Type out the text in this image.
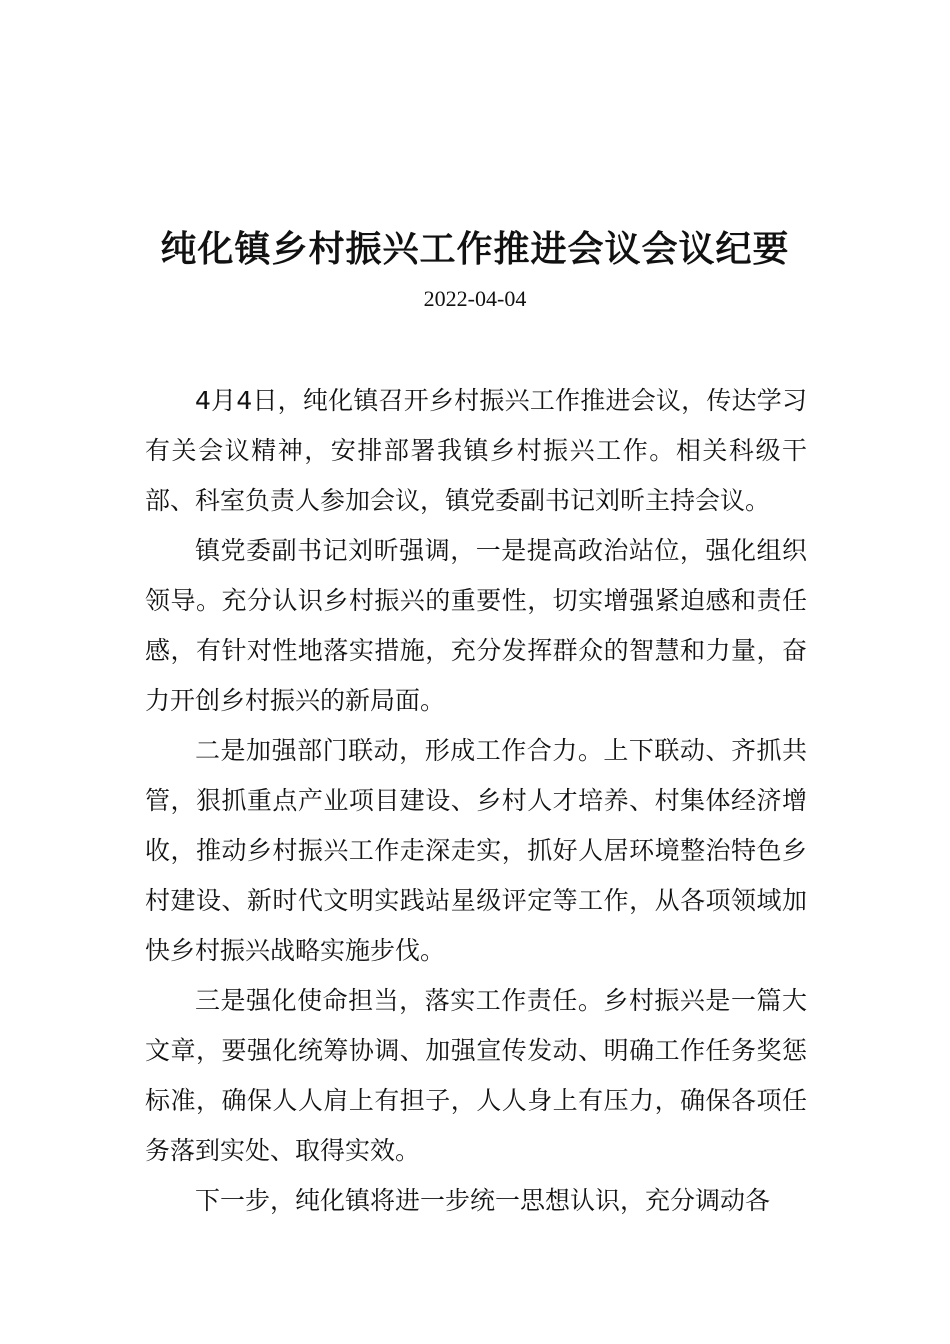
纯化镇乡村振兴工作推进会议会议纪要
2022-04-04

4月4日，纯化镇召开乡村振兴工作推进会议，传达学习有关会议精神，安排部署我镇乡村振兴工作。相关科级干部、科室负责人参加会议，镇党委副书记刘昕主持会议。

镇党委副书记刘昕强调，一是提高政治站位，强化组织领导。充分认识乡村振兴的重要性，切实增强紧迫感和责任感，有针对性地落实措施，充分发挥群众的智慧和力量，奋力开创乡村振兴的新局面。

二是加强部门联动，形成工作合力。上下联动、齐抓共管，狠抓重点产业项目建设、乡村人才培养、村集体经济增收，推动乡村振兴工作走深走实，抓好人居环境整治特色乡村建设、新时代文明实践站星级评定等工作，从各项领域加快乡村振兴战略实施步伐。

三是强化使命担当，落实工作责任。乡村振兴是一篇大文章，要强化统筹协调、加强宣传发动、明确工作任务奖惩标准，确保人人肩上有担子，人人身上有压力，确保各项任务落到实处、取得实效。

下一步，纯化镇将进一步统一思想认识，充分调动各
